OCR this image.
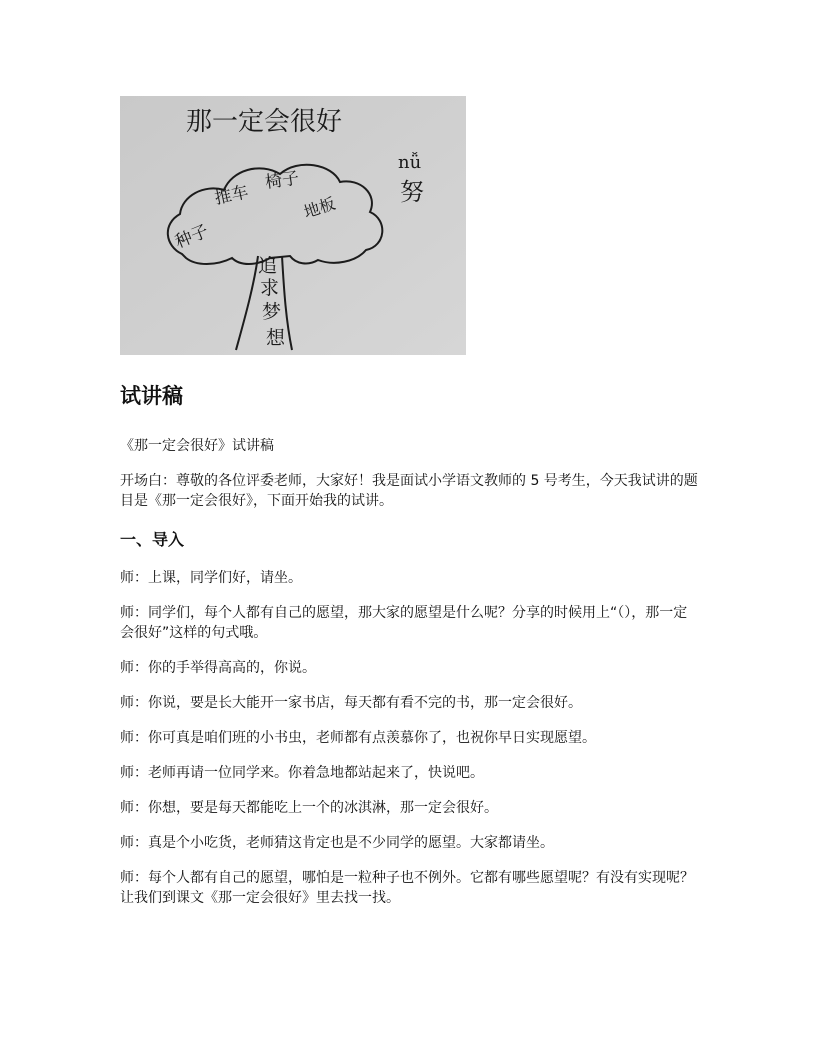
那一定会很好
推车
椅子
地板
种子
追
求
梦
想
nǚ
努
试讲稿

《那一定会很好》试讲稿

开场白：尊敬的各位评委老师，大家好！我是面试小学语文教师的 5 号考生，今天我试讲的题目是《那一定会很好》，下面开始我的试讲。

一、导入

师：上课，同学们好，请坐。

师：同学们，每个人都有自己的愿望，那大家的愿望是什么呢？分享的时候用上“（），那一定会很好”这样的句式哦。

师：你的手举得高高的，你说。

师：你说，要是长大能开一家书店，每天都有看不完的书，那一定会很好。

师：你可真是咱们班的小书虫，老师都有点羡慕你了，也祝你早日实现愿望。

师：老师再请一位同学来。你着急地都站起来了，快说吧。

师：你想，要是每天都能吃上一个的冰淇淋，那一定会很好。

师：真是个小吃货，老师猜这肯定也是不少同学的愿望。大家都请坐。

师：每个人都有自己的愿望，哪怕是一粒种子也不例外。它都有哪些愿望呢？有没有实现呢？让我们到课文《那一定会很好》里去找一找。
